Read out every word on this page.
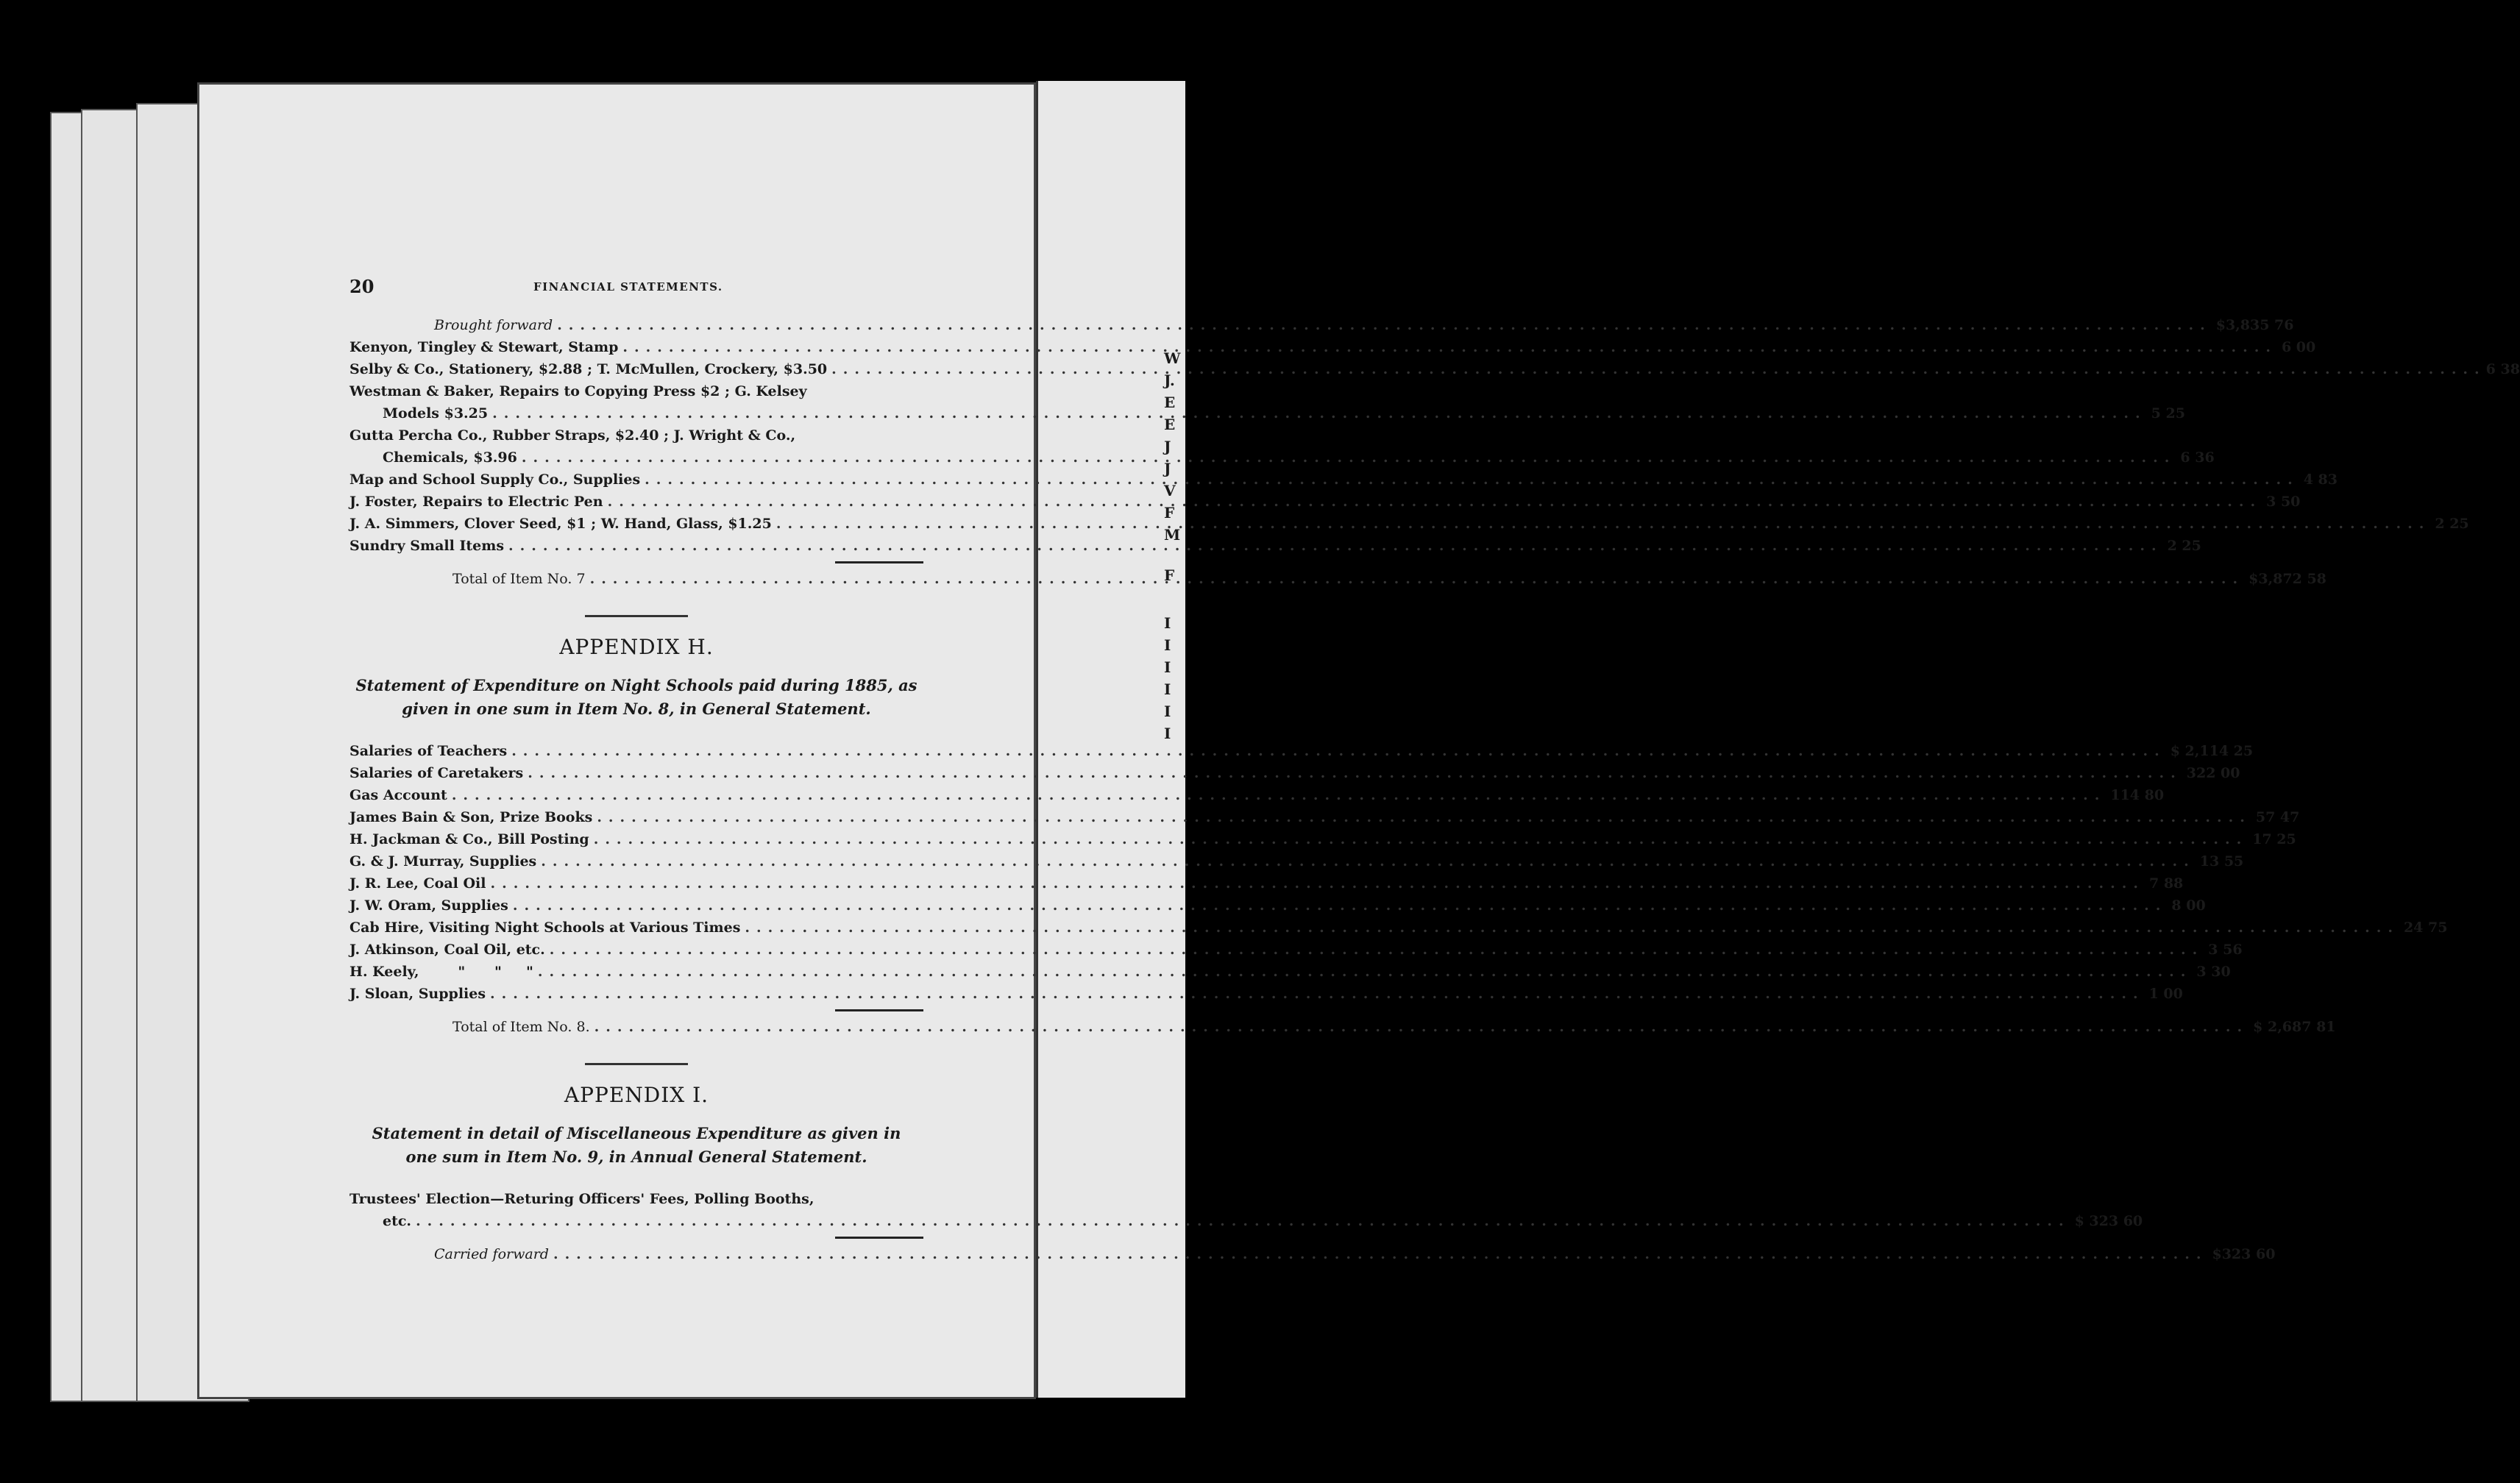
W
J.
E
E
J
J
V
F
M
F
I
I
I
I
I
I
20	FINANCIAL STATEMENTS.
Brought forward .....	$3,835 76
Kenyon, Tingley & Stewart, Stamp .....	6 00
Selby & Co., Stationery, $2.88 ; T. McMullen, Crockery, $3.50 .....	6 38
Westman & Baker, Repairs to Copying Press $2 ; G. Kelsey
Models $3.25 .....	5 25
Gutta Percha Co., Rubber Straps, $2.40 ; J. Wright & Co.,
Chemicals, $3.96 .....	6 36
Map and School Supply Co., Supplies .....	4 83
J. Foster, Repairs to Electric Pen .....	3 50
J. A. Simmers, Clover Seed, $1 ; W. Hand, Glass, $1.25 .....	2 25
Sundry Small Items .....	2 25
Total of Item No. 7 .....	$3,872 58
APPENDIX H.
Statement of Expenditure on Night Schools paid during 1885, as
given in one sum in Item No. 8, in General Statement.
Salaries of Teachers .....	$ 2,114 25
Salaries of Caretakers .....	322 00
Gas Account .....	114 80
James Bain & Son, Prize Books .....	57 47
H. Jackman & Co., Bill Posting .....	17 25
G. & J. Murray, Supplies .....	13 55
J. R. Lee, Coal Oil .....	7 88
J. W. Oram, Supplies .....	8 00
Cab Hire, Visiting Night Schools at Various Times .....	24 75
J. Atkinson, Coal Oil, etc. .....	3 56
H. Keely,        "      "     " .....	3 30
J. Sloan, Supplies .....	1 00
Total of Item No. 8. .....	$ 2,687 81
APPENDIX I.
Statement in detail of Miscellaneous Expenditure as given in
one sum in Item No. 9, in Annual General Statement.
Trustees' Election—Returing Officers' Fees, Polling Booths,
etc. .....	$ 323 60
Carried forward .....	$323 60
